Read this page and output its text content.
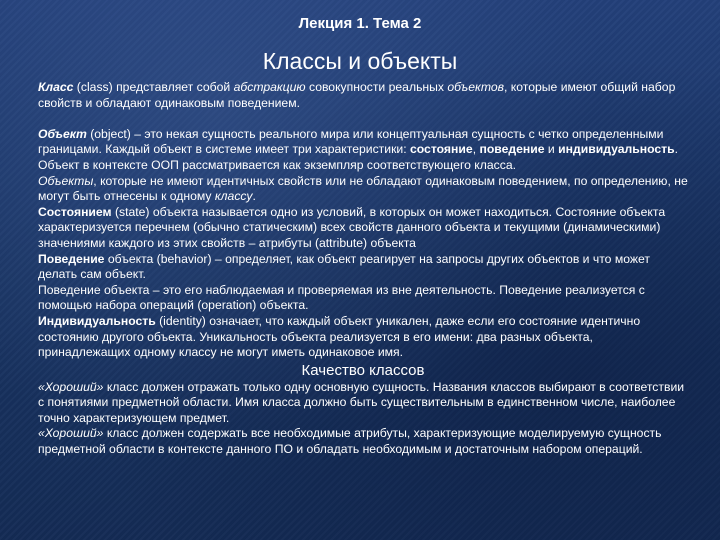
Лекция 1. Тема 2
Классы и объекты

Класс (class) представляет собой абстракцию совокупности реальных объектов, которые имеют общий набор свойств и обладают одинаковым поведением.

Объект (object) – это некая сущность реального мира или концептуальная сущность с четко определенными границами. Каждый объект в системе имеет три характеристики: состояние, поведение и индивидуальность. Объект в контексте ООП рассматривается как экземпляр соответствующего класса.

Объекты, которые не имеют идентичных свойств или не обладают одинаковым поведением, по определению, не могут быть отнесены к одному классу.

Состоянием (state) объекта называется одно из условий, в которых он может находиться. Состояние объекта характеризуется перечнем (обычно статическим) всех свойств данного объекта и текущими (динамическими) значениями каждого из этих свойств – атрибуты (attribute) объекта

Поведение объекта (behavior) – определяет, как объект реагирует на запросы других объектов и что может делать сам объект.

Поведение объекта – это его наблюдаемая и проверяемая из вне деятельность. Поведение реализуется с помощью набора операций (operation) объекта.

Индивидуальность (identity) означает, что каждый объект уникален, даже если его состояние идентично состоянию другого объекта. Уникальность объекта реализуется в его имени: два разных объекта, принадлежащих одному классу не могут иметь одинаковое имя.

Качество классов

«Хороший» класс должен отражать только одну основную сущность. Названия классов выбирают в соответствии с понятиями предметной области. Имя класса должно быть существительным в единственном числе, наиболее точно характеризующем предмет.

«Хороший» класс должен содержать все необходимые атрибуты, характеризующие моделируемую сущность предметной области в контексте данного ПО и обладать необходимым и достаточным набором операций.
